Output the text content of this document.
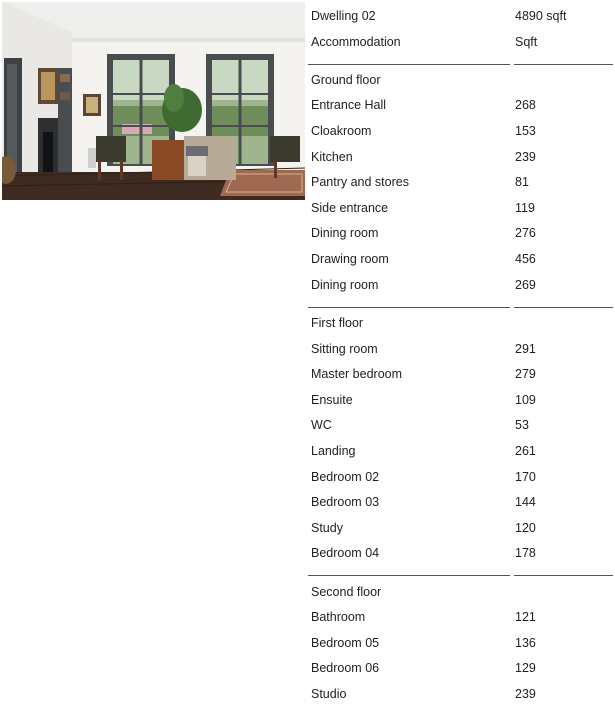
Dwelling 02	4890 sqft
Accommodation	Sqft
Ground floor
Entrance Hall	268
Cloakroom	153
Kitchen	239
Pantry and stores	81
Side entrance	119
Dining room	276
Drawing room	456
Dining room	269
First floor
Sitting room	291
Master bedroom	279
Ensuite	109
WC	53
Landing	261
Bedroom 02	170
Bedroom 03	144
Study	120
Bedroom 04	178
Second floor
Bathroom	121
Bedroom 05	136
Bedroom 06	129
Studio	239
